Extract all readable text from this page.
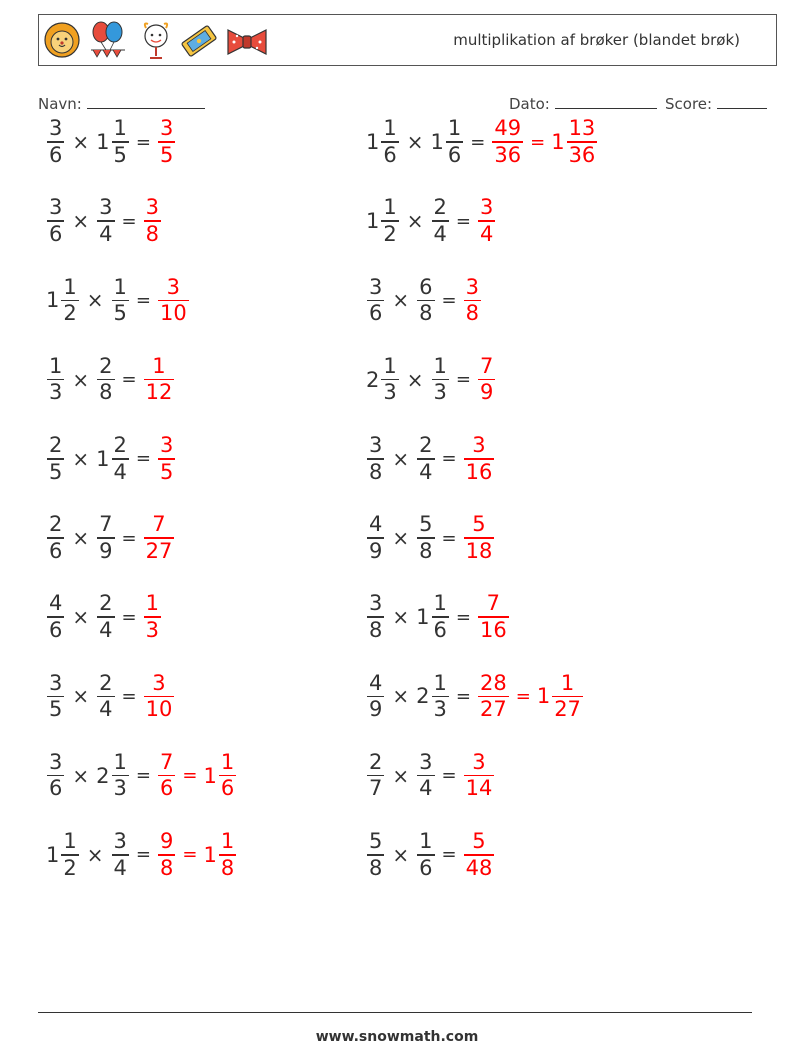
multiplikation af brøker (blandet brøk)
Navn:	Dato:	Score:
$\frac{3}{6} \times 1 \frac{1}{5} = \frac{3}{5}$	$1 \frac{1}{6} \times 1 \frac{1}{6} = \frac{49}{36} = 1 \frac{13}{36}$
$\frac{3}{6} \times \frac{3}{4} = \frac{3}{8}$	$1 \frac{1}{2} \times \frac{2}{4} = \frac{3}{4}$
$1 \frac{1}{2} \times \frac{1}{5} = \frac{3}{10}$	$\frac{3}{6} \times \frac{6}{8} = \frac{3}{8}$
$\frac{1}{3} \times \frac{2}{8} = \frac{1}{12}$	$2 \frac{1}{3} \times \frac{1}{3} = \frac{7}{9}$
$\frac{2}{5} \times 1 \frac{2}{4} = \frac{3}{5}$	$\frac{3}{8} \times \frac{2}{4} = \frac{3}{16}$
$\frac{2}{6} \times \frac{7}{9} = \frac{7}{27}$	$\frac{4}{9} \times \frac{5}{8} = \frac{5}{18}$
$\frac{4}{6} \times \frac{2}{4} = \frac{1}{3}$	$\frac{3}{8} \times 1 \frac{1}{6} = \frac{7}{16}$
$\frac{3}{5} \times \frac{2}{4} = \frac{3}{10}$	$\frac{4}{9} \times 2 \frac{1}{3} = \frac{28}{27} = 1 \frac{1}{27}$
$\frac{3}{6} \times 2 \frac{1}{3} = \frac{7}{6} = 1 \frac{1}{6}$	$\frac{2}{7} \times \frac{3}{4} = \frac{3}{14}$
$1 \frac{1}{2} \times \frac{3}{4} = \frac{9}{8} = 1 \frac{1}{8}$	$\frac{5}{8} \times \frac{1}{6} = \frac{5}{48}$
www.snowmath.com
